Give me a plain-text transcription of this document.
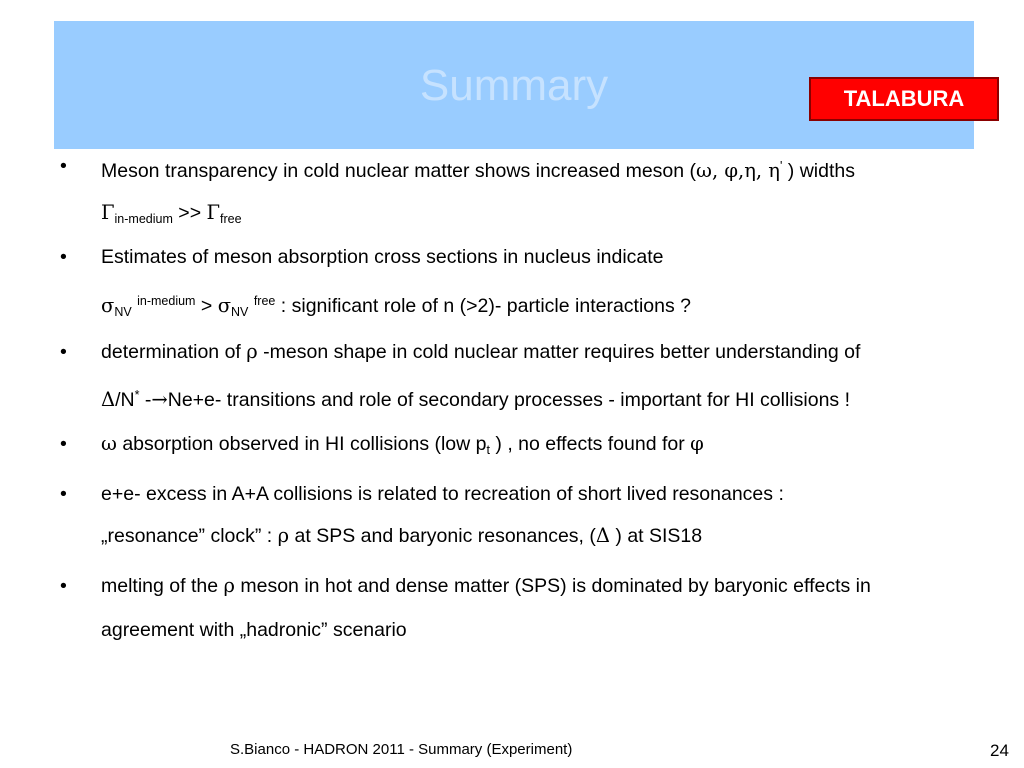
Summary	TALABURA
• Meson transparency in cold nuclear matter shows increased meson (ω, φ,η, η' ) widths
$\Gamma_{in-medium} >> \Gamma_{free}$
• Estimates of meson absorption cross sections in nucleus indicate
$\sigma_{NV}$ $^{in-medium} > \sigma_{NV}$ $^{free}$ : significant role of n (>2)- particle interactions ?
• determination of ρ -meson shape in cold nuclear matter requires better understanding of
Δ/N* -→Ne+e- transitions and role of secondary processes - important for HI collisions !
• ω absorption observed in HI collisions (low $p_t$ ) , no effects found for φ
• e+e- excess in A+A collisions is related to recreation of short lived resonances :
„resonance” clock” : ρ at SPS and baryonic resonances, (Δ ) at SIS18
• melting of the ρ meson in hot and dense matter (SPS) is dominated by baryonic effects in
agreement with „hadronic” scenario
S.Bianco - HADRON 2011 - Summary (Experiment)	24
